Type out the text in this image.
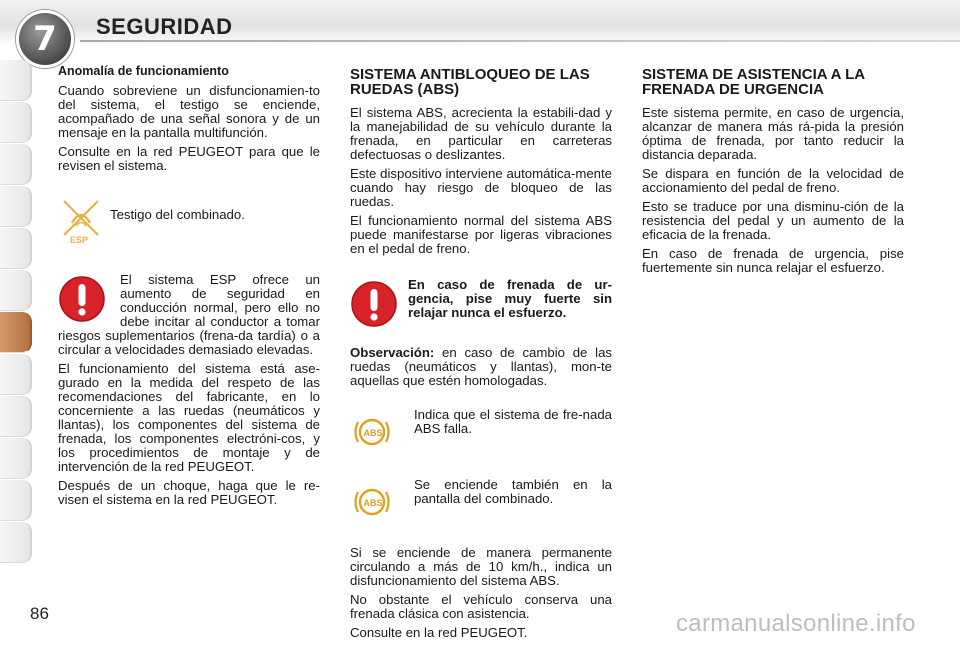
7 SEGURIDAD
Anomalía de funcionamiento

Cuando sobreviene un disfuncionamien-to del sistema, el testigo se enciende, acompañado de una señal sonora y de un mensaje en la pantalla multifunción.

Consulte en la red PEUGEOT para que le revisen el sistema.

ESP
Testigo del combinado.

El sistema ESP ofrece un aumento de seguridad en conducción normal, pero ello no debe incitar al conductor a tomar riesgos suplementarios (frena-da tardía) o a circular a velocidades demasiado elevadas.

El funcionamiento del sistema está ase-gurado en la medida del respeto de las recomendaciones del fabricante, en lo concerniente a las ruedas (neumáticos y llantas), los componentes del sistema de frenada, los componentes electróni-cos, y los procedimientos de montaje y de intervención de la red PEUGEOT.

Después de un choque, haga que le re-visen el sistema en la red PEUGEOT.

SISTEMA ANTIBLOQUEO DE LAS RUEDAS (ABS)

El sistema ABS, acrecienta la estabili-dad y la manejabilidad de su vehículo durante la frenada, en particular en carreteras defectuosas o deslizantes.

Este dispositivo interviene automática-mente cuando hay riesgo de bloqueo de las ruedas.

El funcionamiento normal del sistema ABS puede manifestarse por ligeras vibraciones en el pedal de freno.

En caso de frenada de ur-gencia, pise muy fuerte sin relajar nunca el esfuerzo.

Observación: en caso de cambio de las ruedas (neumáticos y llantas), mon-te aquellas que estén homologadas.

ABS

Indica que el sistema de fre-nada ABS falla.

ABS

Se enciende también en la pantalla del combinado.

Si se enciende de manera permanente circulando a más de 10 km/h., indica un disfuncionamiento del sistema ABS.

No obstante el vehículo conserva una frenada clásica con asistencia.

Consulte en la red PEUGEOT.

SISTEMA DE ASISTENCIA A LA FRENADA DE URGENCIA

Este sistema permite, en caso de urgencia, alcanzar de manera más rá-pida la presión óptima de frenada, por tanto reducir la distancia deparada.

Se dispara en función de la velocidad de accionamiento del pedal de freno.

Esto se traduce por una disminu-ción de la resistencia del pedal y un aumento de la eficacia de la frenada.

En caso de frenada de urgencia, pise fuertemente sin nunca relajar el esfuerzo.

86	carmanualsonline.info
